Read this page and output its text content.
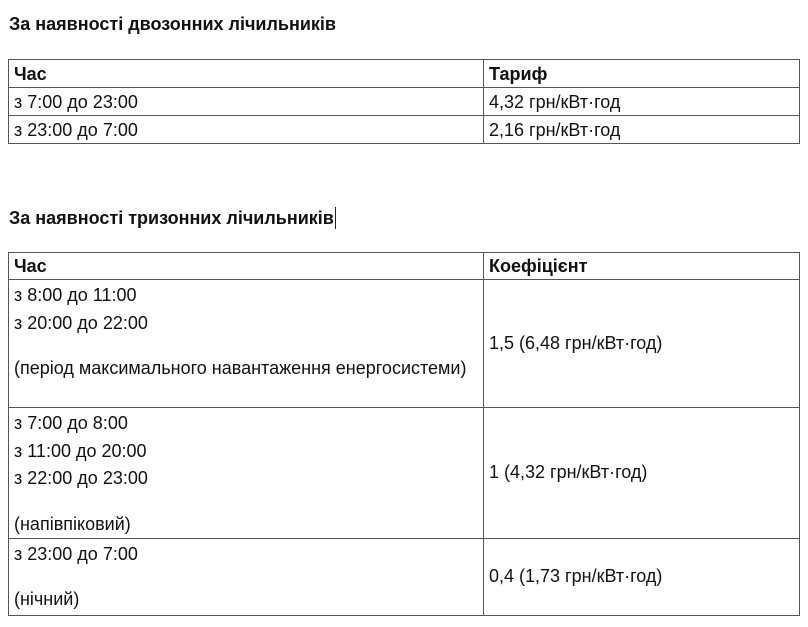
За наявності двозонних лічильників
Час	Тариф
з 7:00 до 23:00	4,32 грн/кВт·год
з 23:00 до 7:00	2,16 грн/кВт·год
За наявності тризонних лічильників
Час	Коефіцієнт

з 8:00 до 11:00
з 20:00 до 22:00
(період максимального навантаження енергосистеми)	1,5 (6,48 грн/кВт·год)

з 7:00 до 8:00
з 11:00 до 20:00
з 22:00 до 23:00
(напівпіковий)	1 (4,32 грн/кВт·год)

з 23:00 до 7:00
(нічний)	0,4 (1,73 грн/кВт·год)
